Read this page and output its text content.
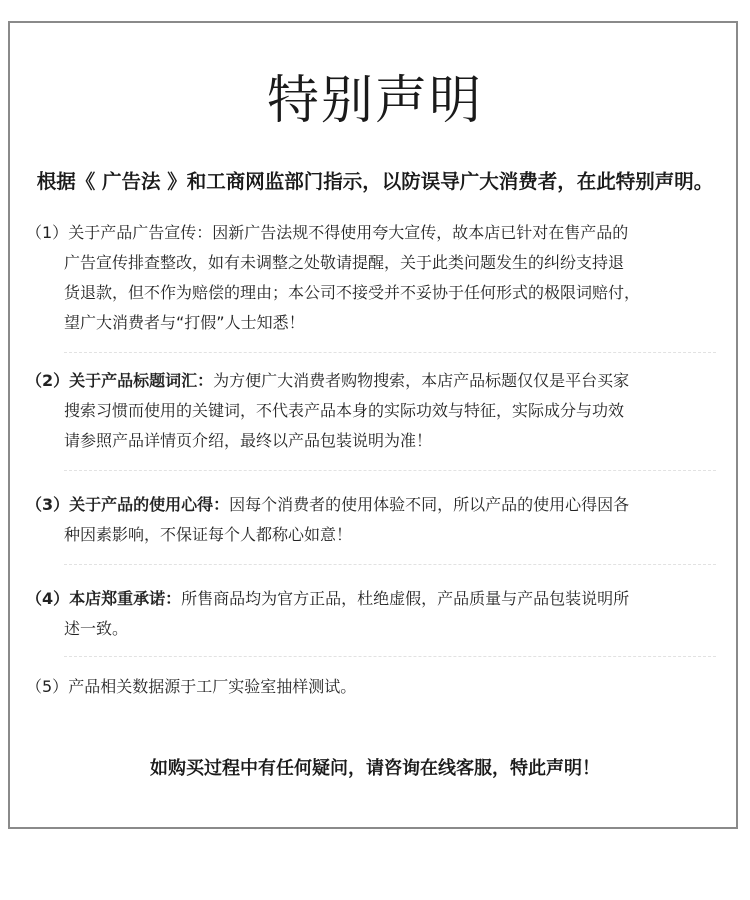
特别声明
根据《 广告法 》和工商网监部门指示，以防误导广大消费者，在此特别声明。
（1）关于产品广告宣传：因新广告法规不得使用夸大宣传，故本店已针对在售产品的
广告宣传排查整改，如有未调整之处敬请提醒，关于此类问题发生的纠纷支持退
货退款，但不作为赔偿的理由；本公司不接受并不妥协于任何形式的极限词赔付，
望广大消费者与“打假”人士知悉！
（2）关于产品标题词汇：为方便广大消费者购物搜索，本店产品标题仅仅是平台买家
搜索习惯而使用的关键词，不代表产品本身的实际功效与特征，实际成分与功效
请参照产品详情页介绍，最终以产品包装说明为准！
（3）关于产品的使用心得：因每个消费者的使用体验不同，所以产品的使用心得因各
种因素影响，不保证每个人都称心如意！
（4）本店郑重承诺：所售商品均为官方正品，杜绝虚假，产品质量与产品包装说明所
述一致。
（5）产品相关数据源于工厂实验室抽样测试。
如购买过程中有任何疑问，请咨询在线客服，特此声明！
